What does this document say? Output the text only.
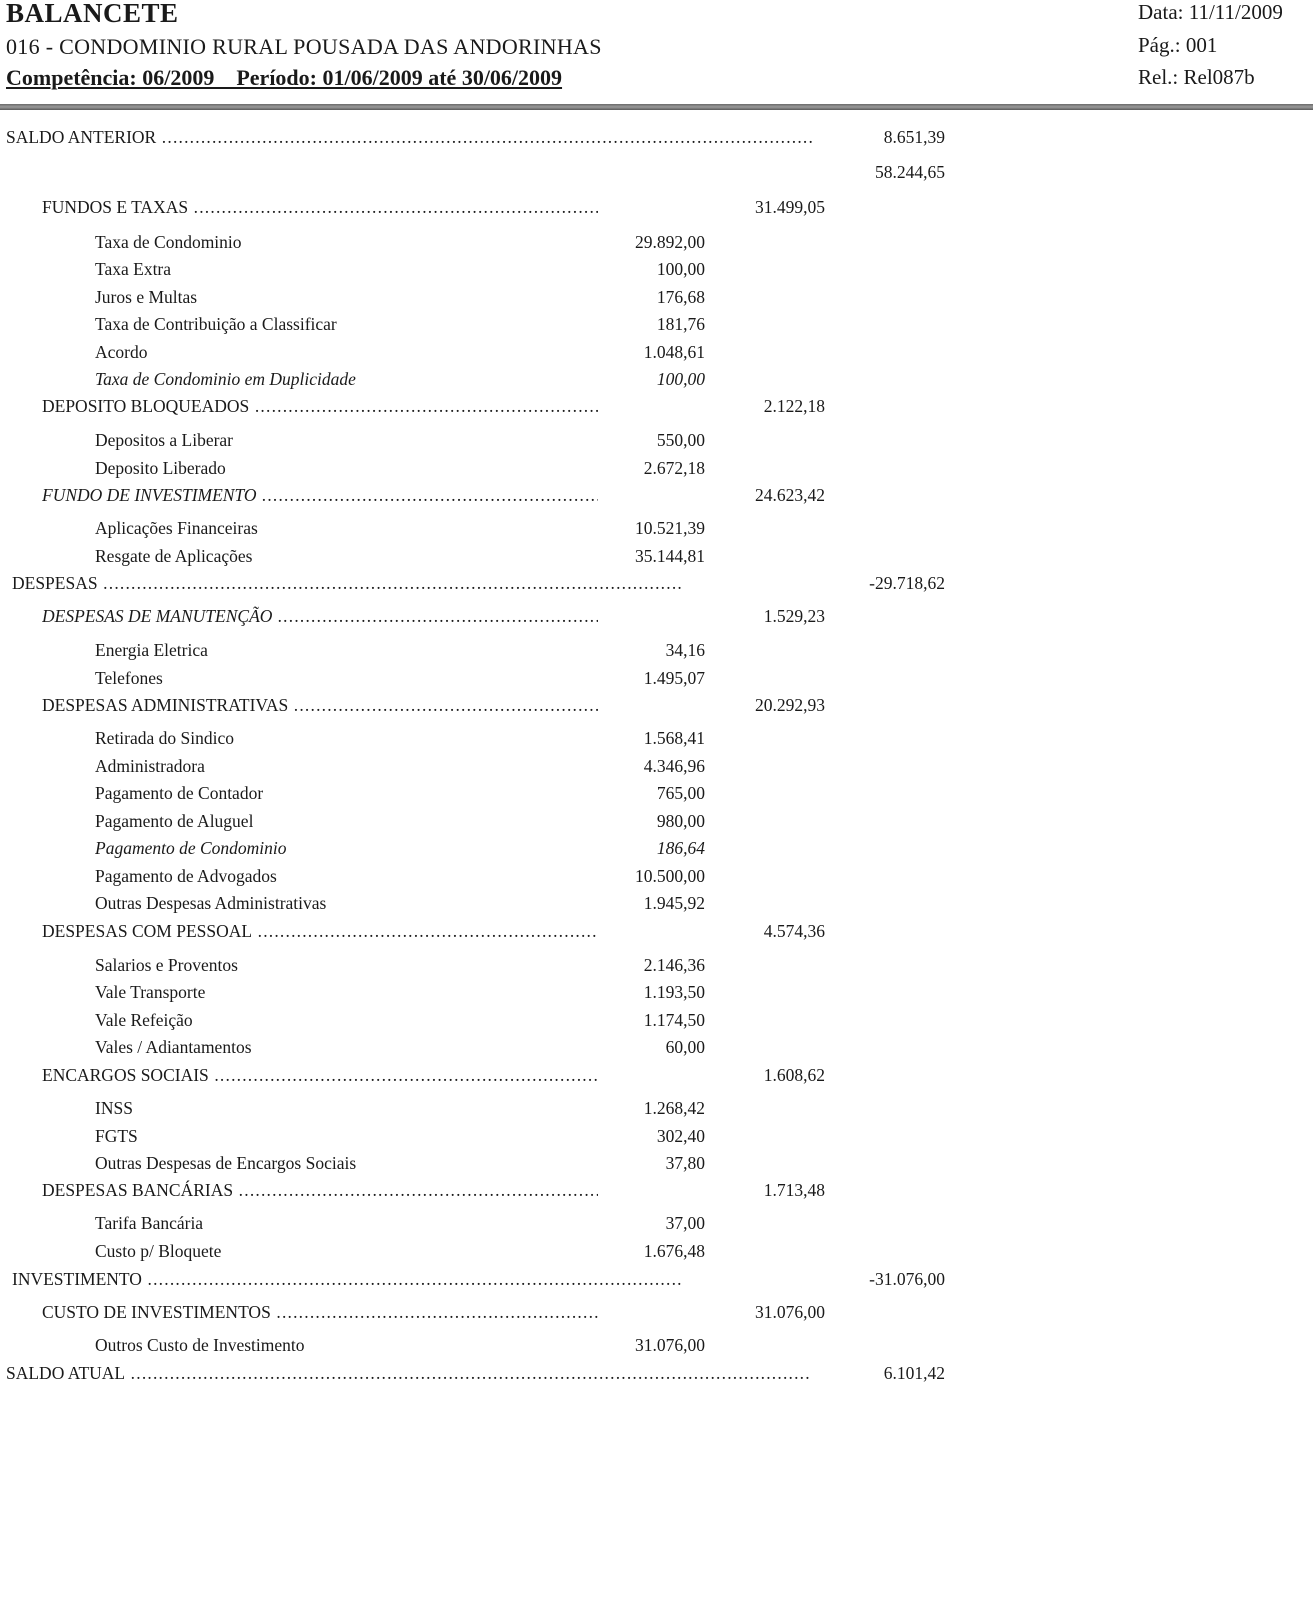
BALANCETE
016 - CONDOMINIO RURAL POUSADA DAS ANDORINHAS
Competência: 06/2009    Período: 01/06/2009 até 30/06/2009
Data: 11/11/2009
Pág.: 001
Rel.: Rel087b
SALDO ANTERIOR .....	8.651,39
58.244,65
FUNDOS E TAXAS .....	31.499,05
Taxa de Condominio	29.892,00
Taxa Extra	100,00
Juros e Multas	176,68
Taxa de Contribuição a Classificar	181,76
Acordo	1.048,61
Taxa de Condominio em Duplicidade	100,00
DEPOSITO BLOQUEADOS .....	2.122,18
Depositos a Liberar	550,00
Deposito Liberado	2.672,18
FUNDO DE INVESTIMENTO .....	24.623,42
Aplicações Financeiras	10.521,39
Resgate de Aplicações	35.144,81
DESPESAS .....	-29.718,62
DESPESAS DE MANUTENÇÃO .....	1.529,23
Energia Eletrica	34,16
Telefones	1.495,07
DESPESAS ADMINISTRATIVAS .....	20.292,93
Retirada do Sindico	1.568,41
Administradora	4.346,96
Pagamento de Contador	765,00
Pagamento de Aluguel	980,00
Pagamento de Condominio	186,64
Pagamento de Advogados	10.500,00
Outras Despesas Administrativas	1.945,92
DESPESAS COM PESSOAL .....	4.574,36
Salarios e Proventos	2.146,36
Vale Transporte	1.193,50
Vale Refeição	1.174,50
Vales / Adiantamentos	60,00
ENCARGOS SOCIAIS .....	1.608,62
INSS	1.268,42
FGTS	302,40
Outras Despesas de Encargos Sociais	37,80
DESPESAS BANCÁRIAS .....	1.713,48
Tarifa Bancária	37,00
Custo p/ Bloquete	1.676,48
INVESTIMENTO .....	-31.076,00
CUSTO DE INVESTIMENTOS .....	31.076,00
Outros Custo de Investimento	31.076,00
SALDO ATUAL .....	6.101,42
